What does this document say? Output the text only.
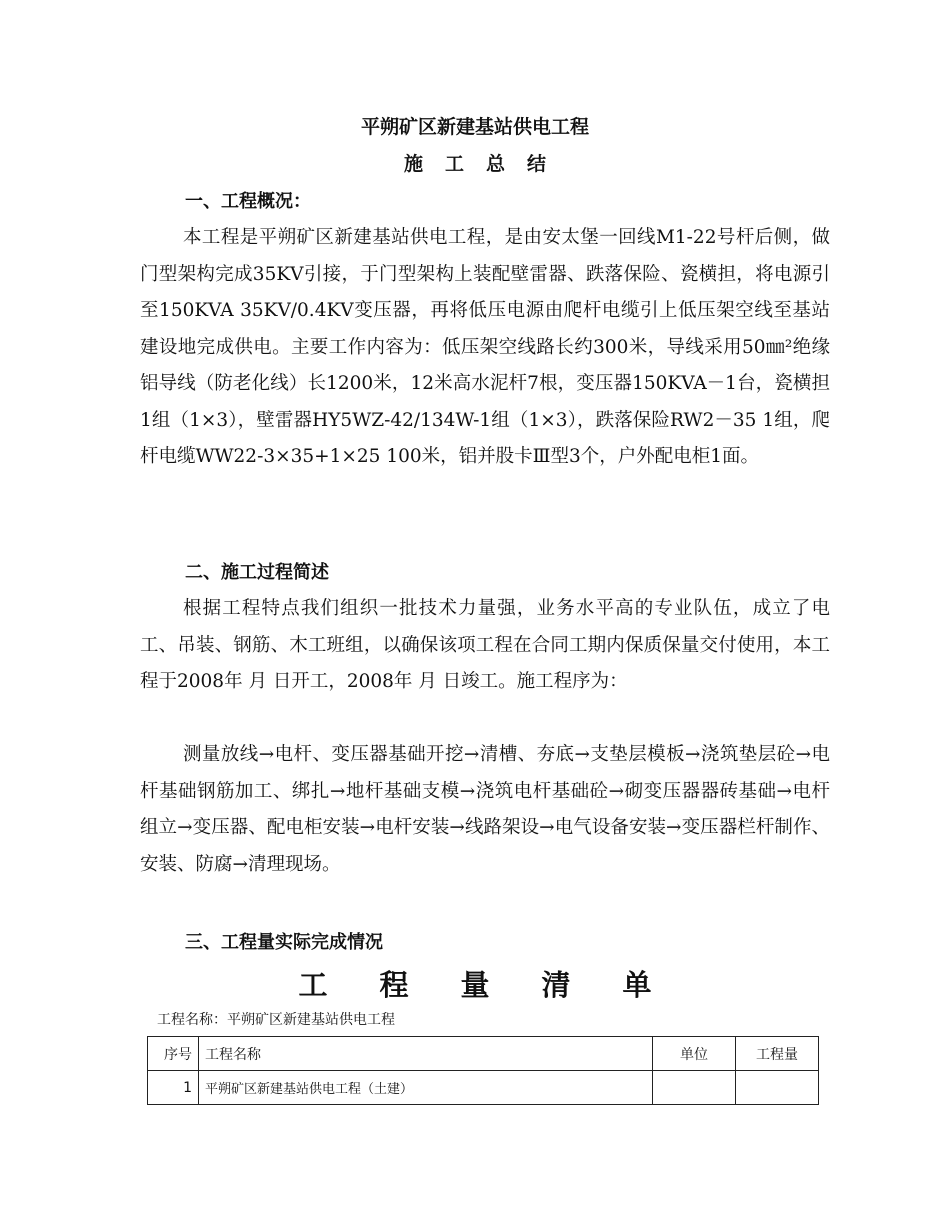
平朔矿区新建基站供电工程
施工总结
一、工程概况：

本工程是平朔矿区新建基站供电工程，是由安太堡一回线M1-22号杆后侧，做门型架构完成35KV引接，于门型架构上装配壁雷器、跌落保险、瓷横担，将电源引至150KVA 35KV/0.4KV变压器，再将低压电源由爬杆电缆引上低压架空线至基站建设地完成供电。主要工作内容为：低压架空线路长约300米，导线采用50㎜²绝缘铝导线（防老化线）长1200米，12米高水泥杆7根，变压器150KVA－1台，瓷横担1组（1×3），壁雷器HY5WZ-42/134W-1组（1×3），跌落保险RW2－35 1组，爬杆电缆WW22-3×35+1×25 100米，铝并股卡Ⅲ型3个，户外配电柜1面。

二、施工过程简述

根据工程特点我们组织一批技术力量强，业务水平高的专业队伍，成立了电工、吊装、钢筋、木工班组，以确保该项工程在合同工期内保质保量交付使用，本工程于2008年 月 日开工，2008年 月 日竣工。施工程序为：

测量放线→电杆、变压器基础开挖→清槽、夯底→支垫层模板→浇筑垫层砼→电杆基础钢筋加工、绑扎→地杆基础支模→浇筑电杆基础砼→砌变压器器砖基础→电杆组立→变压器、配电柜安装→电杆安装→线路架设→电气设备安装→变压器栏杆制作、安装、防腐→清理现场。

三、工程量实际完成情况
工程量清单
工程名称：平朔矿区新建基站供电工程
序号	工程名称	单位	工程量
1	平朔矿区新建基站供电工程（土建）		
